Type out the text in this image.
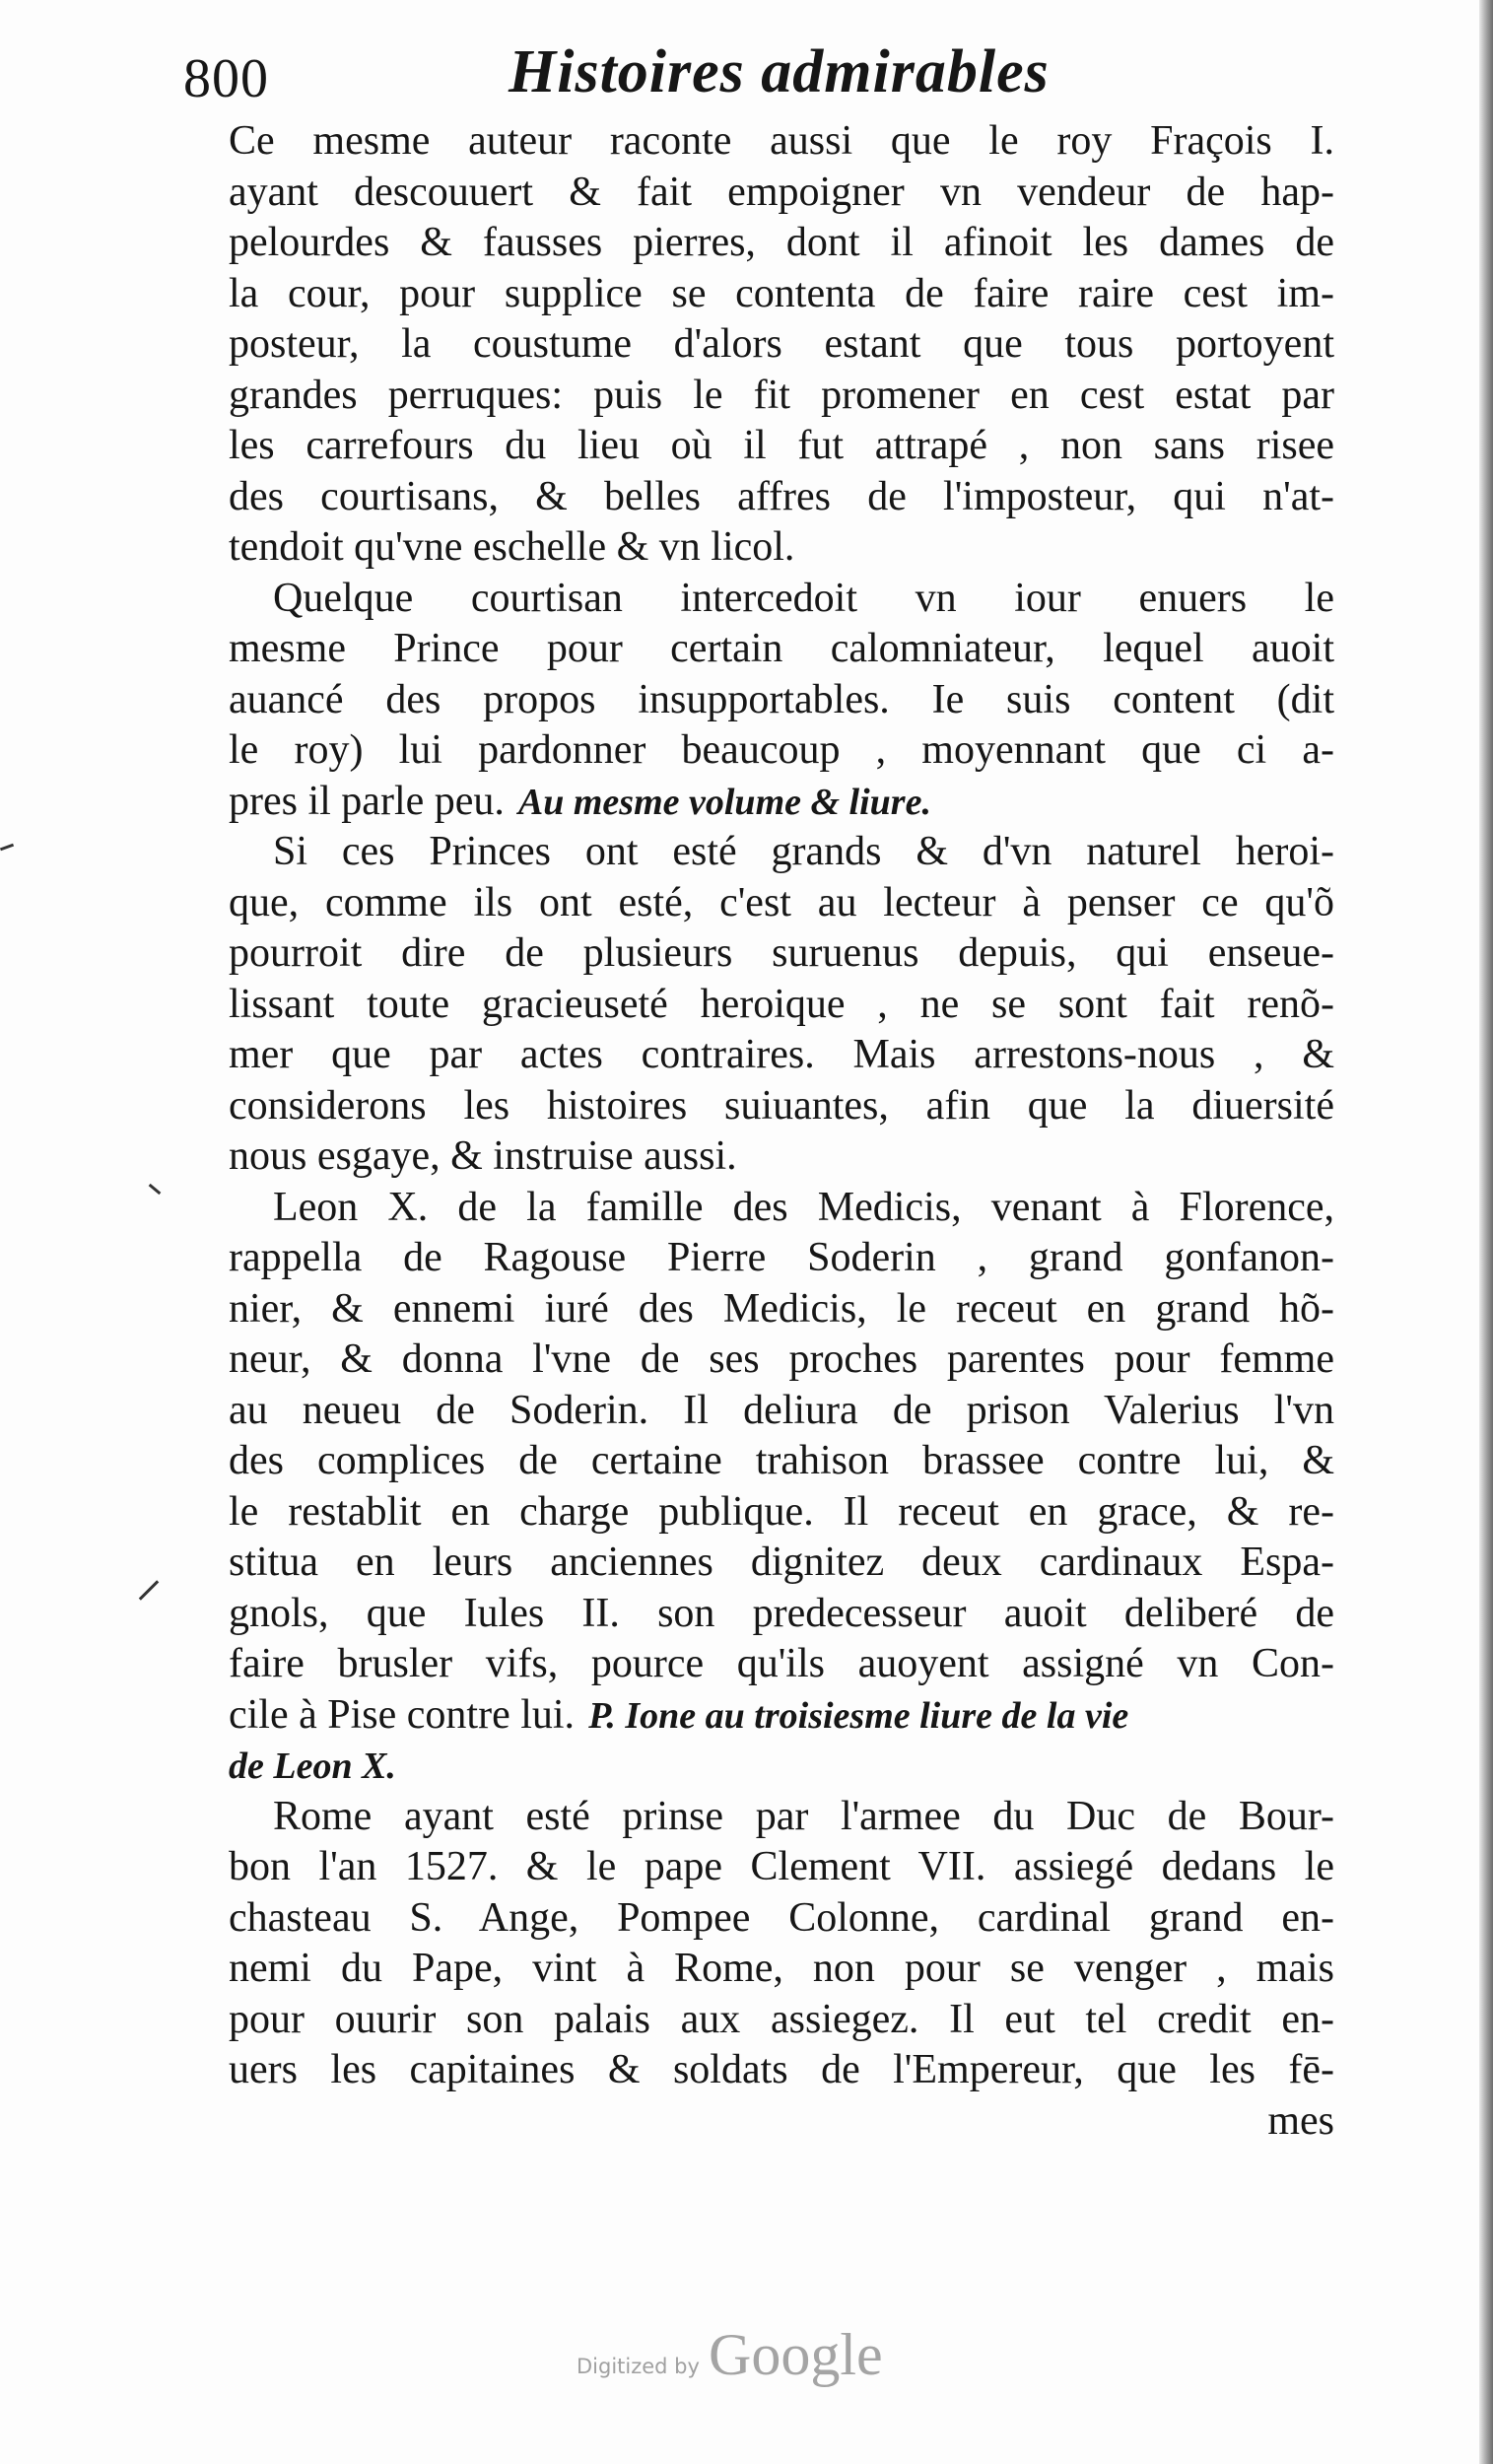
800	Histoires admirables
Ce mesme auteur raconte aussi que le roy Fraçois I.
ayant descouuert & fait empoigner vn vendeur de hap-
pelourdes & fausses pierres, dont il afinoit les dames de
la cour, pour supplice se contenta de faire raire cest im-
posteur, la coustume d'alors estant que tous portoyent
grandes perruques: puis le fit promener en cest estat par
les carrefours du lieu où il fut attrapé , non sans risee
des courtisans, & belles affres de l'imposteur, qui n'at-
tendoit qu'vne eschelle & vn licol.
Quelque courtisan intercedoit vn iour enuers le
mesme Prince pour certain calomniateur, lequel auoit
auancé des propos insupportables. Ie suis content (dit
le roy) lui pardonner beaucoup , moyennant que ci a-
pres il parle peu. Au mesme volume & liure.
Si ces Princes ont esté grands & d'vn naturel heroi-
que, comme ils ont esté, c'est au lecteur à penser ce qu'õ
pourroit dire de plusieurs suruenus depuis, qui enseue-
lissant toute gracieuseté heroique , ne se sont fait renõ-
mer que par actes contraires. Mais arrestons-nous , &
considerons les histoires suiuantes, afin que la diuersité
nous esgaye, & instruise aussi.
Leon X. de la famille des Medicis, venant à Florence,
rappella de Ragouse Pierre Soderin , grand gonfanon-
nier, & ennemi iuré des Medicis, le receut en grand hõ-
neur, & donna l'vne de ses proches parentes pour femme
au neueu de Soderin. Il deliura de prison Valerius l'vn
des complices de certaine trahison brassee contre lui, &
le restablit en charge publique. Il receut en grace, & re-
stitua en leurs anciennes dignitez deux cardinaux Espa-
gnols, que Iules II. son predecesseur auoit deliberé de
faire brusler vifs, pource qu'ils auoyent assigné vn Con-
cile à Pise contre lui. P. Ione au troisiesme liure de la vie
de Leon X.
Rome ayant esté prinse par l'armee du Duc de Bour-
bon l'an 1527. & le pape Clement VII. assiegé dedans le
chasteau S. Ange, Pompee Colonne, cardinal grand en-
nemi du Pape, vint à Rome, non pour se venger , mais
pour ouurir son palais aux assiegez. Il eut tel credit en-
uers les capitaines & soldats de l'Empereur, que les fē-
mes
Digitized by Google
